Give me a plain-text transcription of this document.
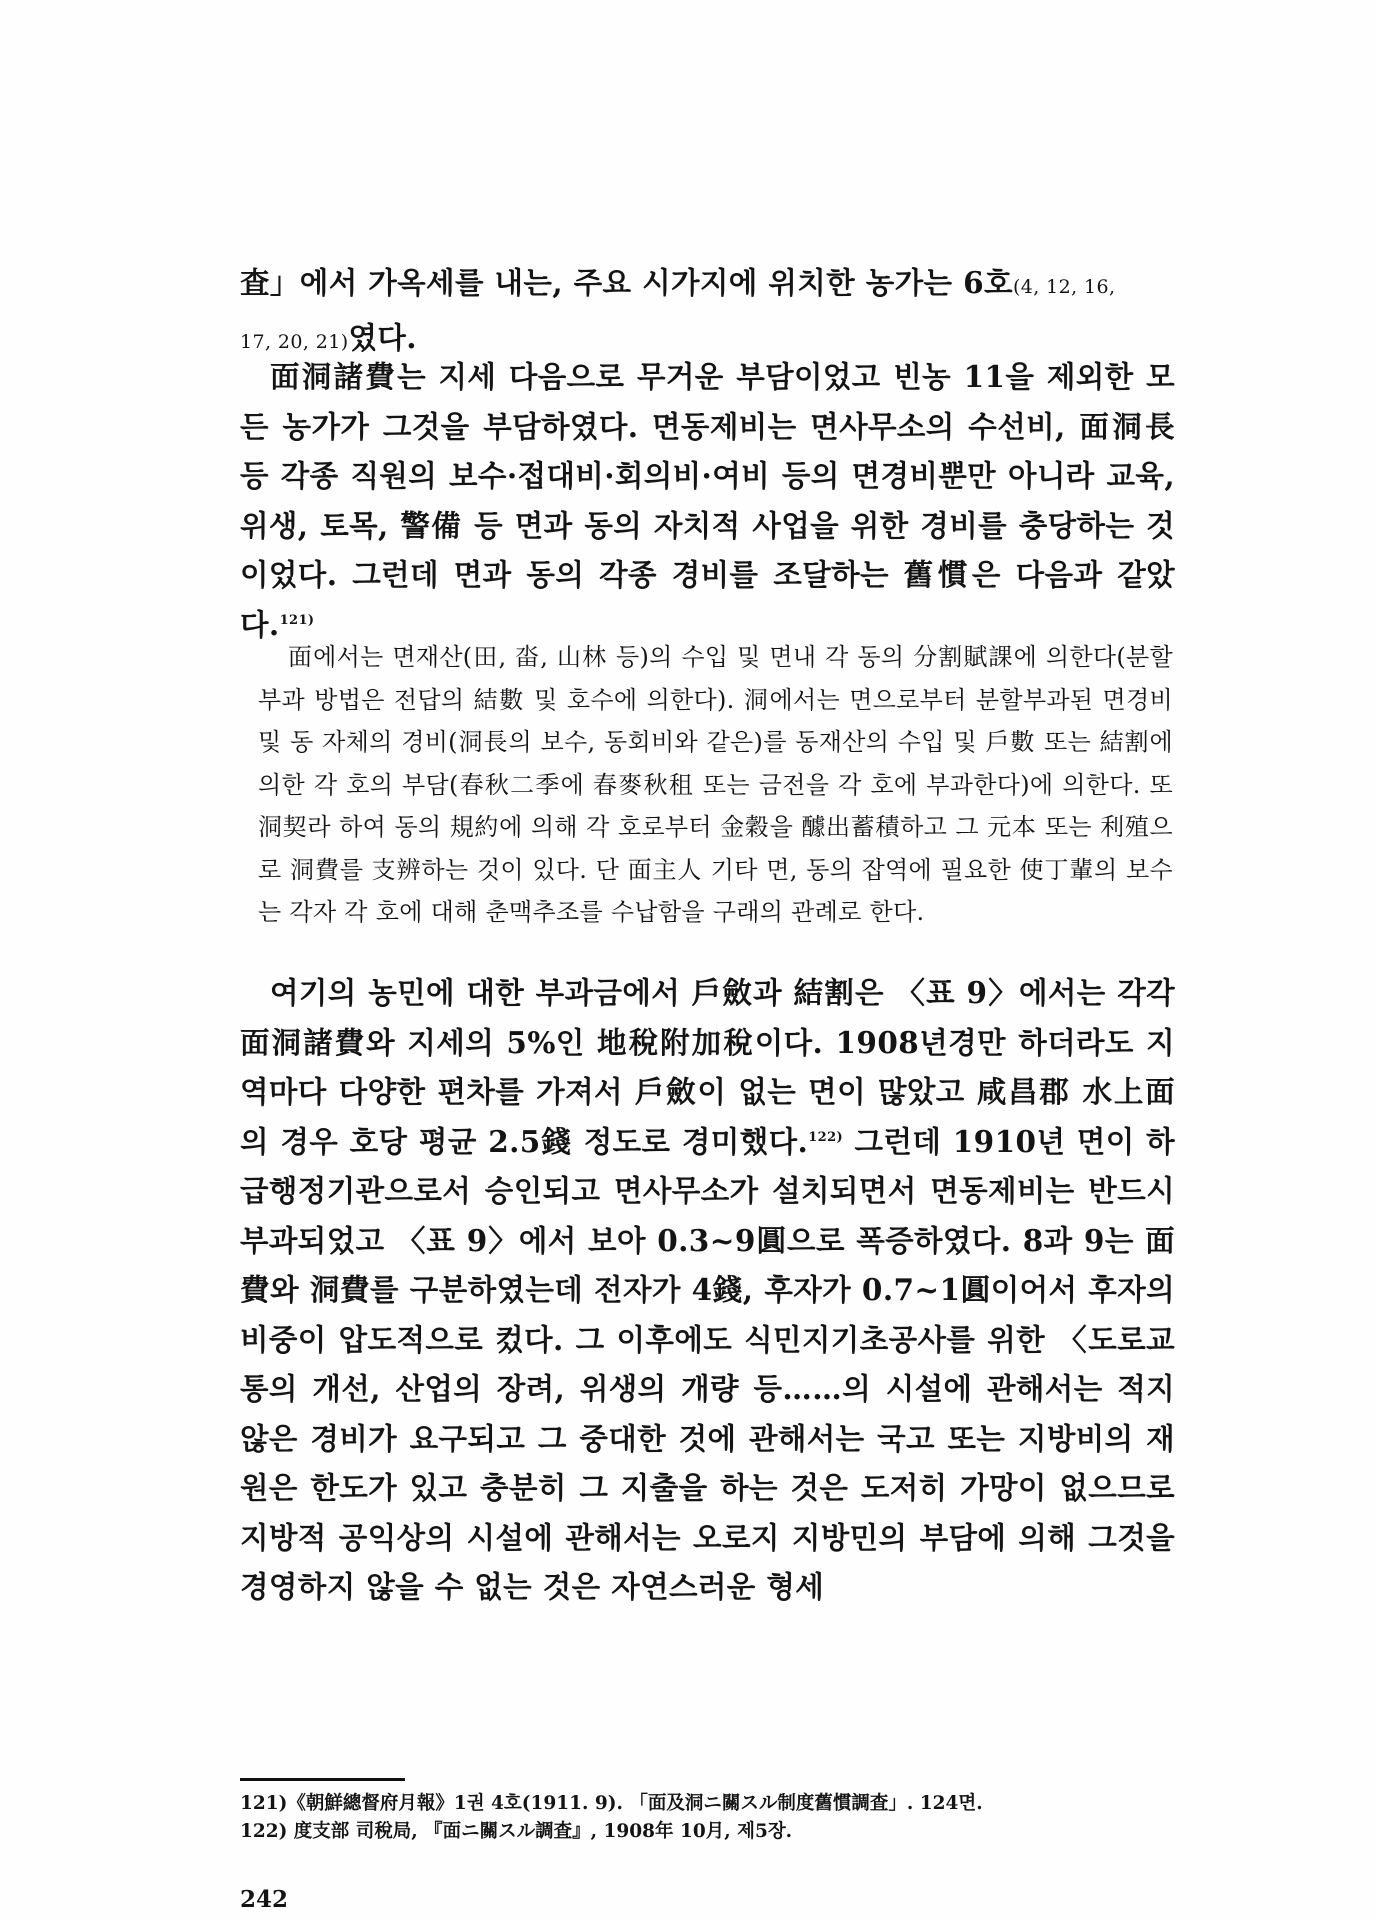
査」에서 가옥세를 내는, 주요 시가지에 위치한 농가는 6호(4, 12, 16,
17, 20, 21)였다.
面洞諸費는 지세 다음으로 무거운 부담이었고 빈농 11을 제외한 모든 농가가 그것을 부담하였다. 면동제비는 면사무소의 수선비, 面洞長 등 각종 직원의 보수·접대비·회의비·여비 등의 면경비뿐만 아니라 교육, 위생, 토목, 警備 등 면과 동의 자치적 사업을 위한 경비를 충당하는 것이었다. 그런데 면과 동의 각종 경비를 조달하는 舊慣은 다음과 같았다.$^{121)}$
面에서는 면재산(田, 畓, 山林 등)의 수입 및 면내 각 동의 分割賦課에 의한다(분할부과 방법은 전답의 結數 및 호수에 의한다). 洞에서는 면으로부터 분할부과된 면경비 및 동 자체의 경비(洞長의 보수, 동회비와 같은)를 동재산의 수입 및 戶數 또는 結割에 의한 각 호의 부담(春秋二季에 春麥秋租 또는 금전을 각 호에 부과한다)에 의한다. 또 洞契라 하여 동의 規約에 의해 각 호로부터 金穀을 醵出蓄積하고 그 元本 또는 利殖으로 洞費를 支辨하는 것이 있다. 단 面主人 기타 면, 동의 잡역에 필요한 使丁輩의 보수는 각자 각 호에 대해 춘맥추조를 수납함을 구래의 관례로 한다.
여기의 농민에 대한 부과금에서 戶斂과 結割은 〈표 9〉에서는 각각 面洞諸費와 지세의 5%인 地稅附加稅이다. 1908년경만 하더라도 지역마다 다양한 편차를 가져서 戶斂이 없는 면이 많았고 咸昌郡 水上面의 경우 호당 평균 2.5錢 정도로 경미했다.$^{122)}$ 그런데 1910년 면이 하급행정기관으로서 승인되고 면사무소가 설치되면서 면동제비는 반드시 부과되었고 〈표 9〉에서 보아 0.3~9圓으로 폭증하였다. 8과 9는 面費와 洞費를 구분하였는데 전자가 4錢, 후자가 0.7~1圓이어서 후자의 비중이 압도적으로 컸다. 그 이후에도 식민지기초공사를 위한 〈도로교통의 개선, 산업의 장려, 위생의 개량 등……의 시설에 관해서는 적지 않은 경비가 요구되고 그 중대한 것에 관해서는 국고 또는 지방비의 재원은 한도가 있고 충분히 그 지출을 하는 것은 도저히 가망이 없으므로 지방적 공익상의 시설에 관해서는 오로지 지방민의 부담에 의해 그것을 경영하지 않을 수 없는 것은 자연스러운 형세
121)《朝鮮總督府月報》1권 4호(1911. 9). 「面及洞ニ關スル制度舊慣調査」. 124면.
122) 度支部 司稅局, 『面ニ關スル調査』, 1908年 10月, 제5장.
242
